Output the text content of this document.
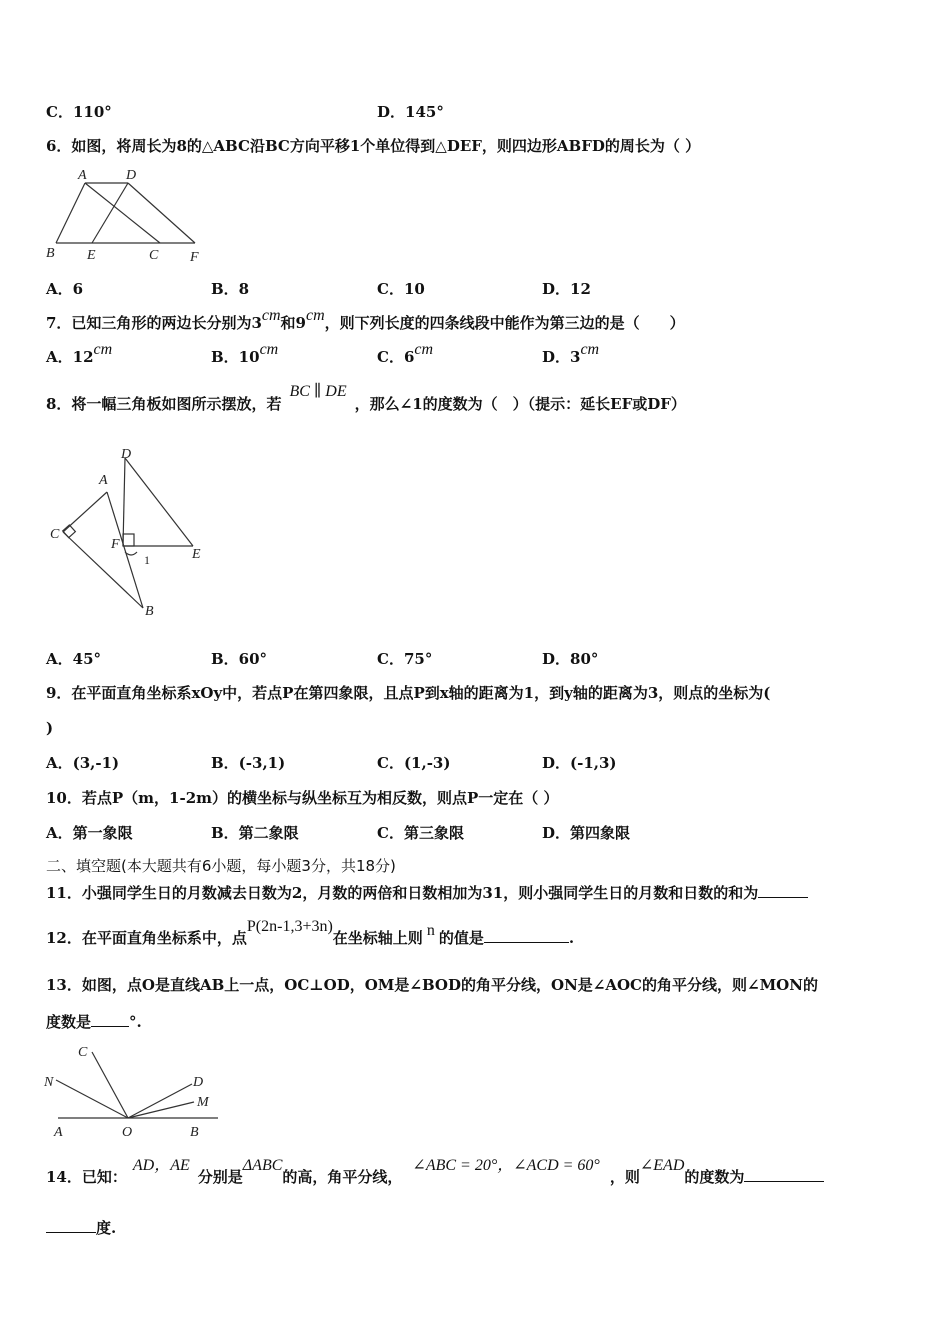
C．110°	D．145°
6．如图，将周长为8的△ABC沿BC方向平移1个单位得到△DEF，则四边形ABFD的周长为（ ）
A	D
B E	C F
A．6	B．8	C．10	D．12
7．已知三角形的两边长分别为3cm和9cm，则下列长度的四条线段中能作为第三边的是（　　）
A．12cm	B．10cm	C．6cm	D．3cm
8．将一幅三角板如图所示摆放，若BC ∥ DE，那么∠1的度数为（　）（提示：延长EF或DF）
D
A
C
F
E
1
B
A．45°	B．60°	C．75°	D．80°
9．在平面直角坐标系xOy中，若点P在第四象限，且点P到x轴的距离为1，到y轴的距离为3，则点的坐标为(
)
A．(3,-1)	B．(-3,1)	C．(1,-3)	D．(-1,3)
10．若点P（m，1-2m）的横坐标与纵坐标互为相反数，则点P一定在（ ）
A．第一象限	B．第二象限	C．第三象限	D．第四象限
二、填空题(本大题共有6小题，每小题3分，共18分)
11．小强同学生日的月数减去日数为2，月数的两倍和日数相加为31，则小强同学生日的月数和日数的和为
12．在平面直角坐标系中，点P(2n-1,3+3n)在坐标轴上则 n 的值是	.
13．如图，点O是直线AB上一点，OC⊥OD，OM是∠BOD的角平分线，ON是∠AOC的角平分线，则∠MON的
度数是	°.
C
N	D
M
A	O	B
14．已知：AD，AE分别是ΔABC的高，角平分线，∠ABC = 20°，∠ACD = 60°，则∠EAD的度数为
度.
